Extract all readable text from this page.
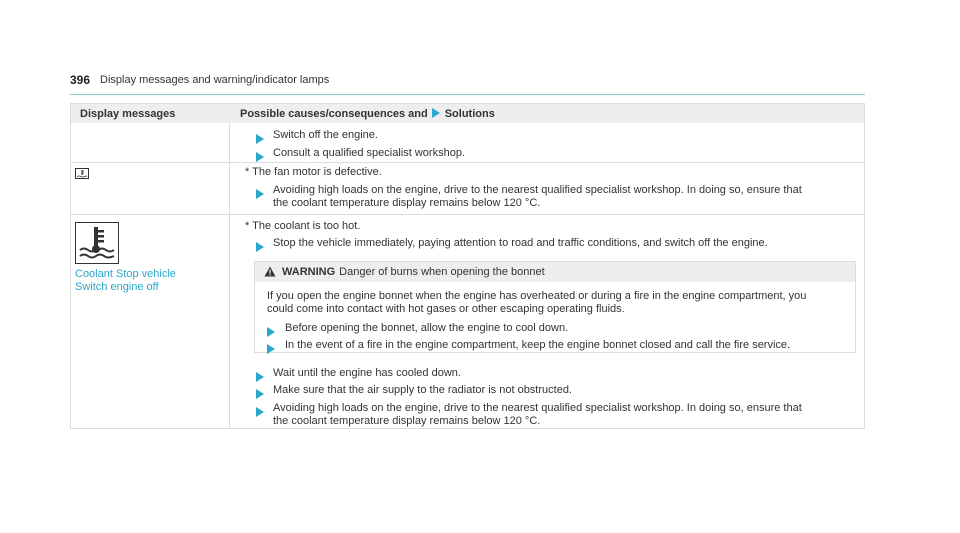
396 Display messages and warning/indicator lamps
Display messages	Possible causes/consequences and Solutions
Switch off the engine.
Consult a qualified specialist workshop.
* The fan motor is defective.
Avoiding high loads on the engine, drive to the nearest qualified specialist workshop. In doing so, ensure that
the coolant temperature display remains below 120 °C.
Coolant Stop vehicle
Switch engine off
* The coolant is too hot.
Stop the vehicle immediately, paying attention to road and traffic conditions, and switch off the engine.
WARNING Danger of burns when opening the bonnet
If you open the engine bonnet when the engine has overheated or during a fire in the engine compartment, you
could come into contact with hot gases or other escaping operating fluids.
Before opening the bonnet, allow the engine to cool down.
In the event of a fire in the engine compartment, keep the engine bonnet closed and call the fire service.
Wait until the engine has cooled down.
Make sure that the air supply to the radiator is not obstructed.
Avoiding high loads on the engine, drive to the nearest qualified specialist workshop. In doing so, ensure that
the coolant temperature display remains below 120 °C.
